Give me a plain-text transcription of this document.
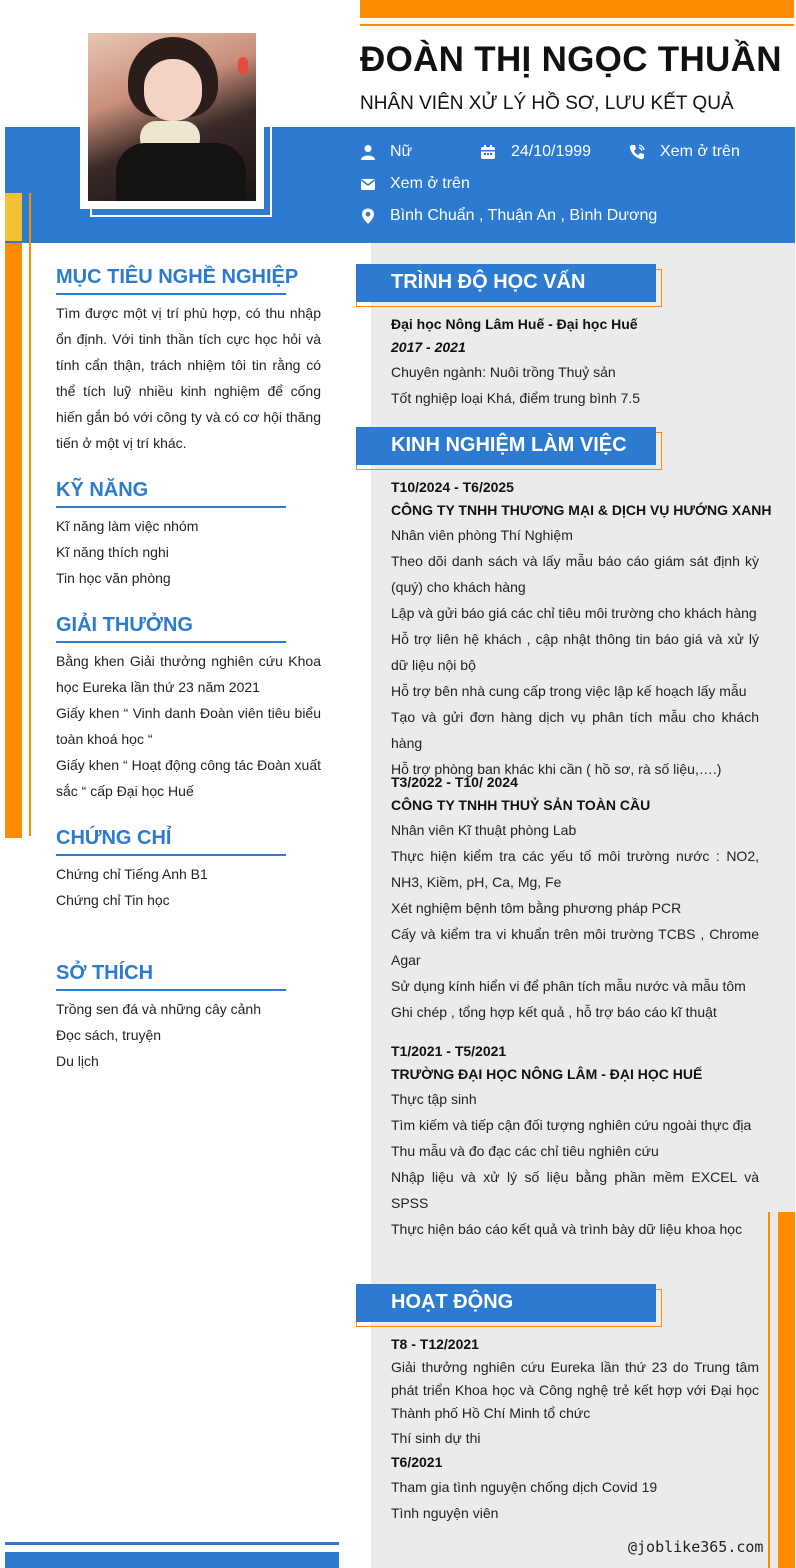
ĐOÀN THỊ NGỌC THUẦN
NHÂN VIÊN XỬ LÝ HỒ SƠ, LƯU KẾT QUẢ
Nữ	24/10/1999	Xem ở trên
Xem ở trên
Bình Chuẩn , Thuận An , Bình Dương
MỤC TIÊU NGHỀ NGHIỆP
Tìm được một vị trí phù hợp, có thu nhập ổn định. Với tinh thần tích cực học hỏi và tính cẩn thận, trách nhiệm tôi tin rằng có thể tích luỹ nhiều kinh nghiệm để cống hiến gắn bó với công ty và có cơ hội thăng tiến ở một vị trí khác.
KỸ NĂNG
Kĩ năng làm việc nhóm
Kĩ năng thích nghi
Tin học văn phòng
GIẢI THƯỞNG
Bằng khen Giải thưởng nghiên cứu Khoa học Eureka lần thứ 23 năm 2021
Giấy khen “ Vinh danh Đoàn viên tiêu biểu toàn khoá học “
Giấy khen “ Hoạt động công tác Đoàn xuất sắc “ cấp Đại học Huế
CHỨNG CHỈ
Chứng chỉ Tiếng Anh B1
Chứng chỉ Tin học
SỞ THÍCH
Trồng sen đá và những cây cảnh
Đọc sách, truyện
Du lịch
TRÌNH ĐỘ HỌC VẤN
Đại học Nông Lâm Huế - Đại học Huế
2017 - 2021
Chuyên ngành: Nuôi trồng Thuỷ sản
Tốt nghiệp loại Khá, điểm trung bình 7.5
KINH NGHIỆM LÀM VIỆC
T10/2024 - T6/2025
CÔNG TY TNHH THƯƠNG MẠI & DỊCH VỤ HƯỚNG XANH
Nhân viên phòng Thí Nghiệm
Theo dõi danh sách và lấy mẫu báo cáo giám sát định kỳ (quý) cho khách hàng
Lập và gửi báo giá các chỉ tiêu môi trường cho khách hàng
Hỗ trợ liên hệ khách , cập nhật thông tin báo giá và xử lý dữ liệu nội bộ
Hỗ trợ bên nhà cung cấp trong việc lập kế hoạch lấy mẫu
Tạo và gửi đơn hàng dịch vụ phân tích mẫu cho khách hàng
Hỗ trợ phòng ban khác khi cần ( hồ sơ, rà số liệu,….)
T3/2022 - T10/ 2024
CÔNG TY TNHH THUỶ SẢN TOÀN CẦU
Nhân viên Kĩ thuật phòng Lab
Thực hiện kiểm tra các yếu tố môi trường nước : NO2, NH3, Kiềm, pH, Ca, Mg, Fe
Xét nghiệm bệnh tôm bằng phương pháp PCR
Cấy và kiểm tra vi khuẩn trên môi trường TCBS , Chrome Agar
Sử dụng kính hiển vi để phân tích mẫu nước và mẫu tôm
Ghi chép , tổng hợp kết quả , hỗ trợ báo cáo kĩ thuật
T1/2021 - T5/2021
TRƯỜNG ĐẠI HỌC NÔNG LÂM - ĐẠI HỌC HUẾ
Thực tập sinh
Tìm kiếm và tiếp cận đối tượng nghiên cứu ngoài thực địa
Thu mẫu và đo đạc các chỉ tiêu nghiên cứu
Nhập liệu và xử lý số liệu bằng phần mềm EXCEL và SPSS
Thực hiện báo cáo kết quả và trình bày dữ liệu khoa học
HOẠT ĐỘNG
T8 - T12/2021
Giải thưởng nghiên cứu Eureka lần thứ 23 do Trung tâm phát triển Khoa học và Công nghệ trẻ kết hợp với Đại học Thành phố Hồ Chí Minh tổ chức
Thí sinh dự thi
T6/2021
Tham gia tình nguyện chống dịch Covid 19
Tình nguyện viên
@joblike365.com
